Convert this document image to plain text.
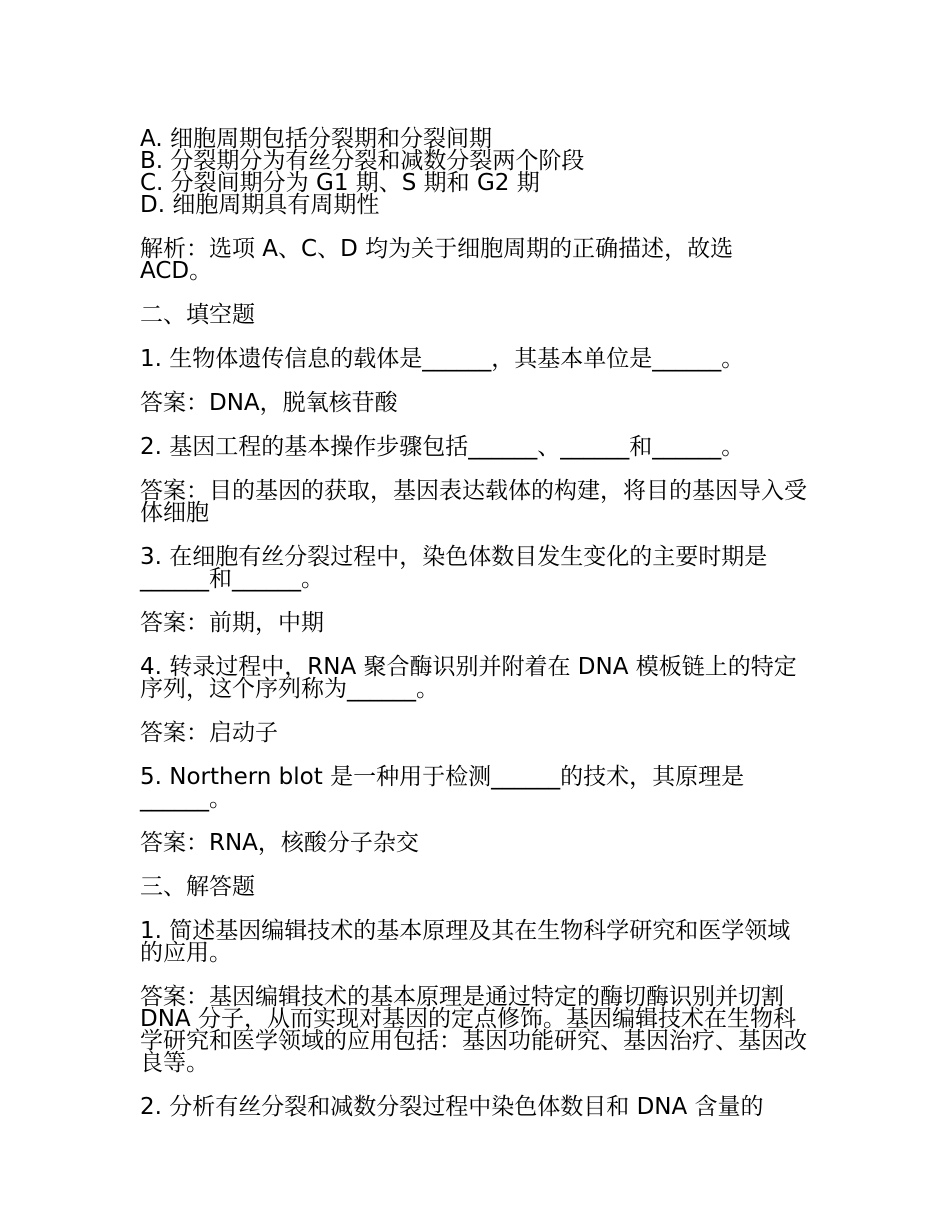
A. 细胞周期包括分裂期和分裂间期
B. 分裂期分为有丝分裂和减数分裂两个阶段
C. 分裂间期分为 G1 期、S 期和 G2 期
D. 细胞周期具有周期性
解析：选项 A、C、D 均为关于细胞周期的正确描述，故选 ACD。
二、填空题
1. 生物体遗传信息的载体是______，其基本单位是______。
答案：DNA，脱氧核苷酸
2. 基因工程的基本操作步骤包括______、______和______。
答案：目的基因的获取，基因表达载体的构建，将目的基因导入受体细胞
3. 在细胞有丝分裂过程中，染色体数目发生变化的主要时期是______和______。
答案：前期，中期
4. 转录过程中，RNA 聚合酶识别并附着在 DNA 模板链上的特定序列，这个序列称为______。
答案：启动子
5. Northern blot 是一种用于检测______的技术，其原理是______。
答案：RNA，核酸分子杂交
三、解答题
1. 简述基因编辑技术的基本原理及其在生物科学研究和医学领域的应用。
答案：基因编辑技术的基本原理是通过特定的酶切酶识别并切割 DNA 分子，从而实现对基因的定点修饰。基因编辑技术在生物科学研究和医学领域的应用包括：基因功能研究、基因治疗、基因改良等。
2. 分析有丝分裂和减数分裂过程中染色体数目和 DNA 含量的
